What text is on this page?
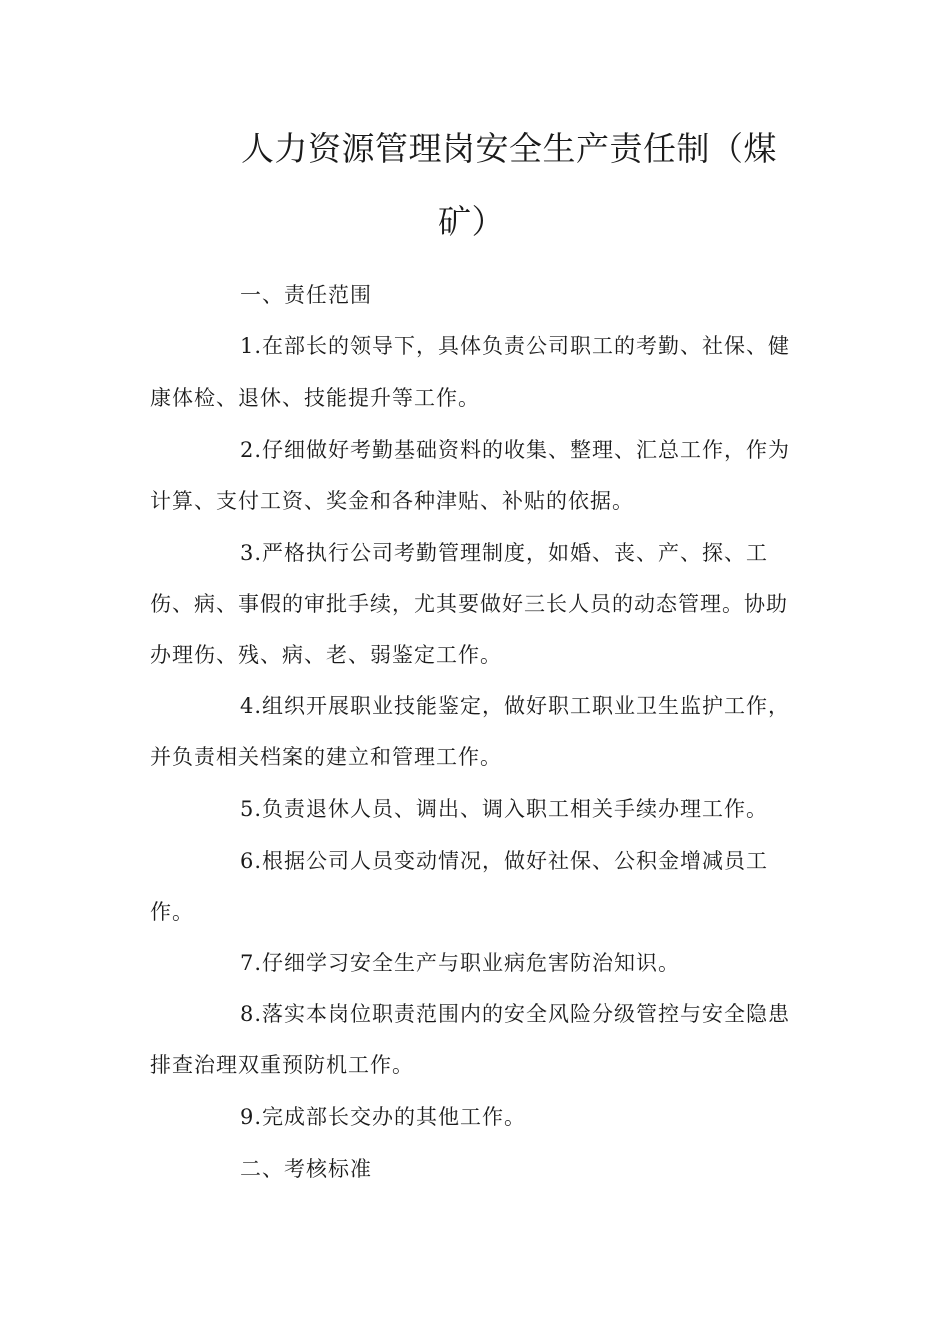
人力资源管理岗安全生产责任制（煤
矿）
一、责任范围
1.在部长的领导下，具体负责公司职工的考勤、社保、健
康体检、退休、技能提升等工作。
2.仔细做好考勤基础资料的收集、整理、汇总工作，作为
计算、支付工资、奖金和各种津贴、补贴的依据。
3.严格执行公司考勤管理制度，如婚、丧、产、探、工
伤、病、事假的审批手续，尤其要做好三长人员的动态管理。协助
办理伤、残、病、老、弱鉴定工作。
4.组织开展职业技能鉴定，做好职工职业卫生监护工作，
并负责相关档案的建立和管理工作。
5.负责退休人员、调出、调入职工相关手续办理工作。
6.根据公司人员变动情况，做好社保、公积金增减员工
作。
7.仔细学习安全生产与职业病危害防治知识。
8.落实本岗位职责范围内的安全风险分级管控与安全隐患
排查治理双重预防机工作。
9.完成部长交办的其他工作。
二、考核标准
